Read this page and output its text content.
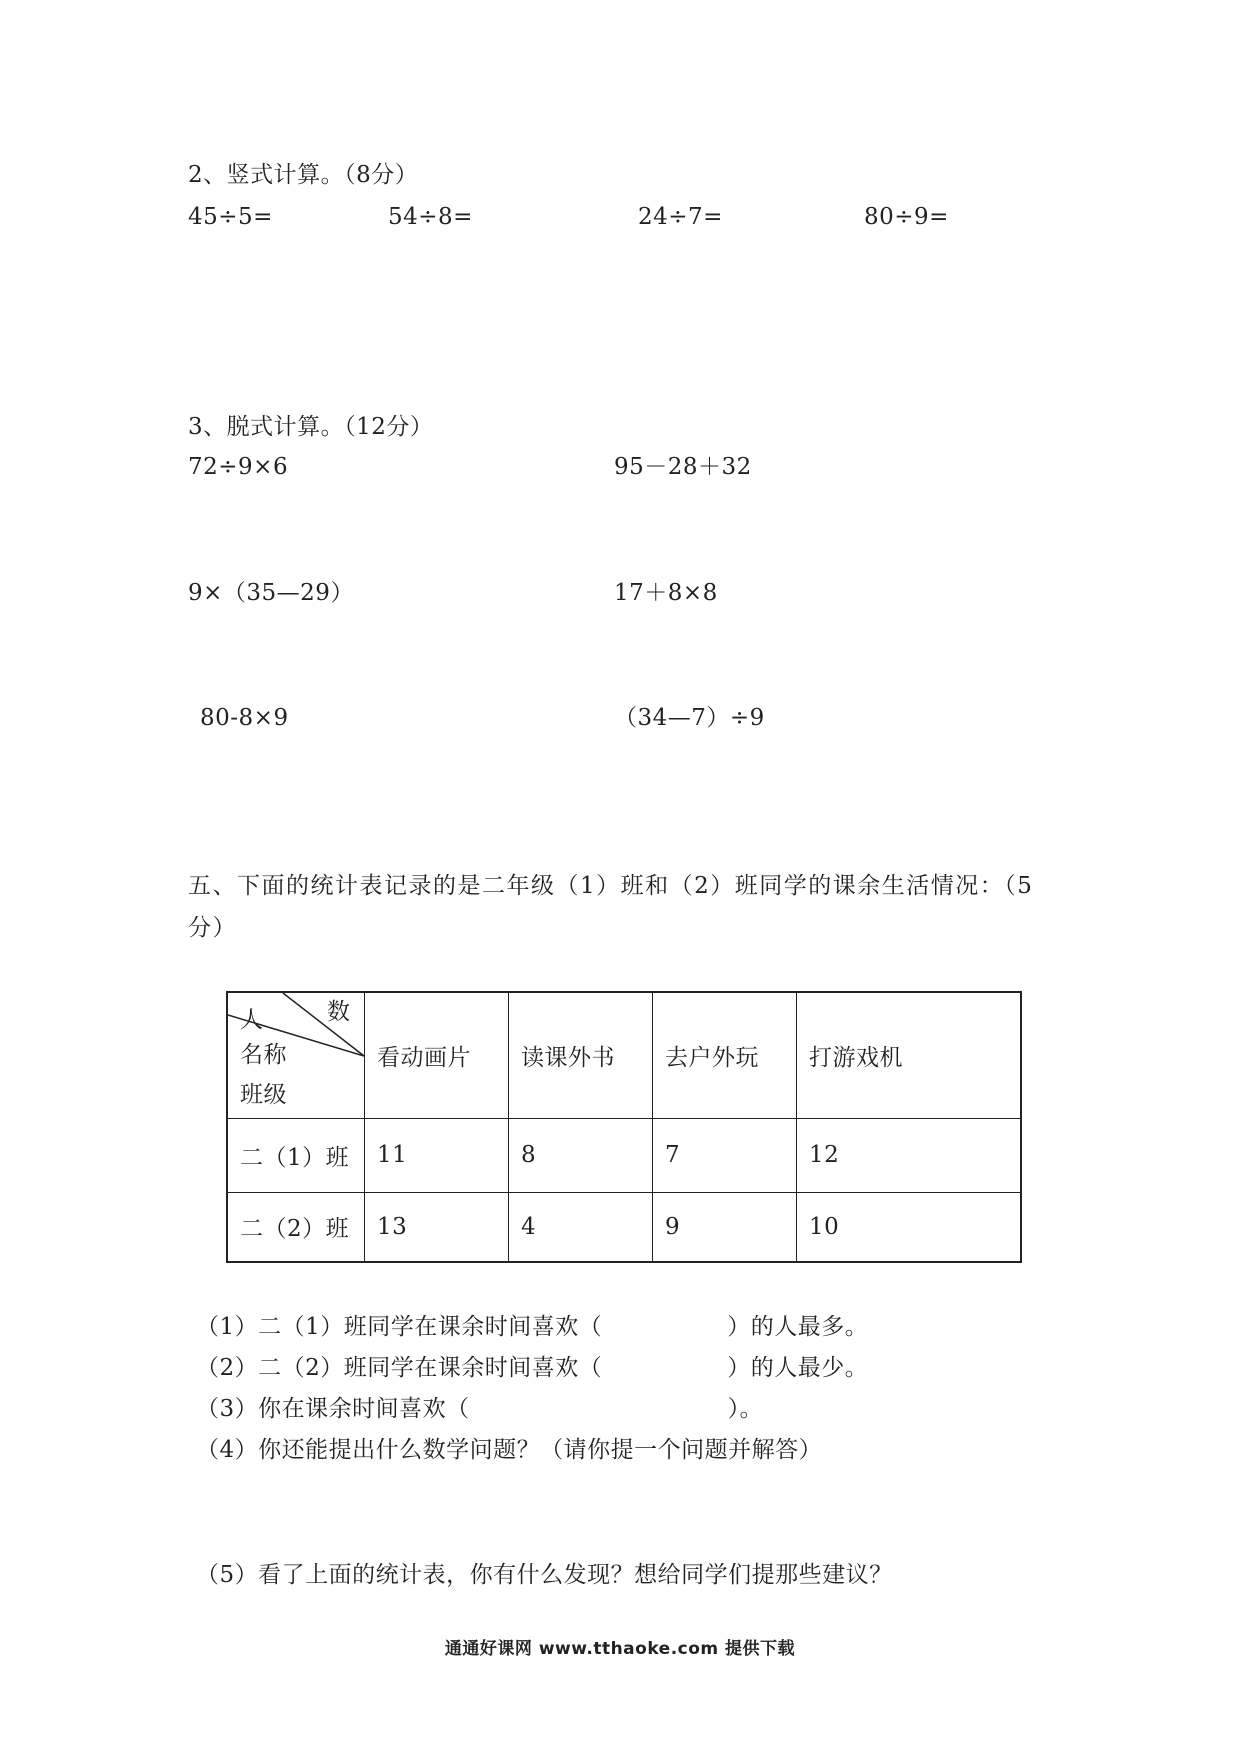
2、竖式计算。（8分）
45÷5=	54÷8=	24÷7=	80÷9=
3、脱式计算。（12分）
72÷9×6	95－28＋32
9×（35—29）	17＋8×8
80-8×9	（34—7）÷9
五、下面的统计表记录的是二年级（1）班和（2）班同学的课余生活情况：（5分）
人 数
名称
班级	看动画片	读课外书	去户外玩	打游戏机
二（1）班	11	8	7	12
二（2）班	13	4	9	10
（1）二（1）班同学在课余时间喜欢（	）的人最多。
（2）二（2）班同学在课余时间喜欢（	）的人最少。
（3）你在课余时间喜欢（	）。
（4）你还能提出什么数学问题？（请你提一个问题并解答）
（5）看了上面的统计表，你有什么发现？想给同学们提那些建议？
通通好课网 www.tthaoke.com 提供下载
